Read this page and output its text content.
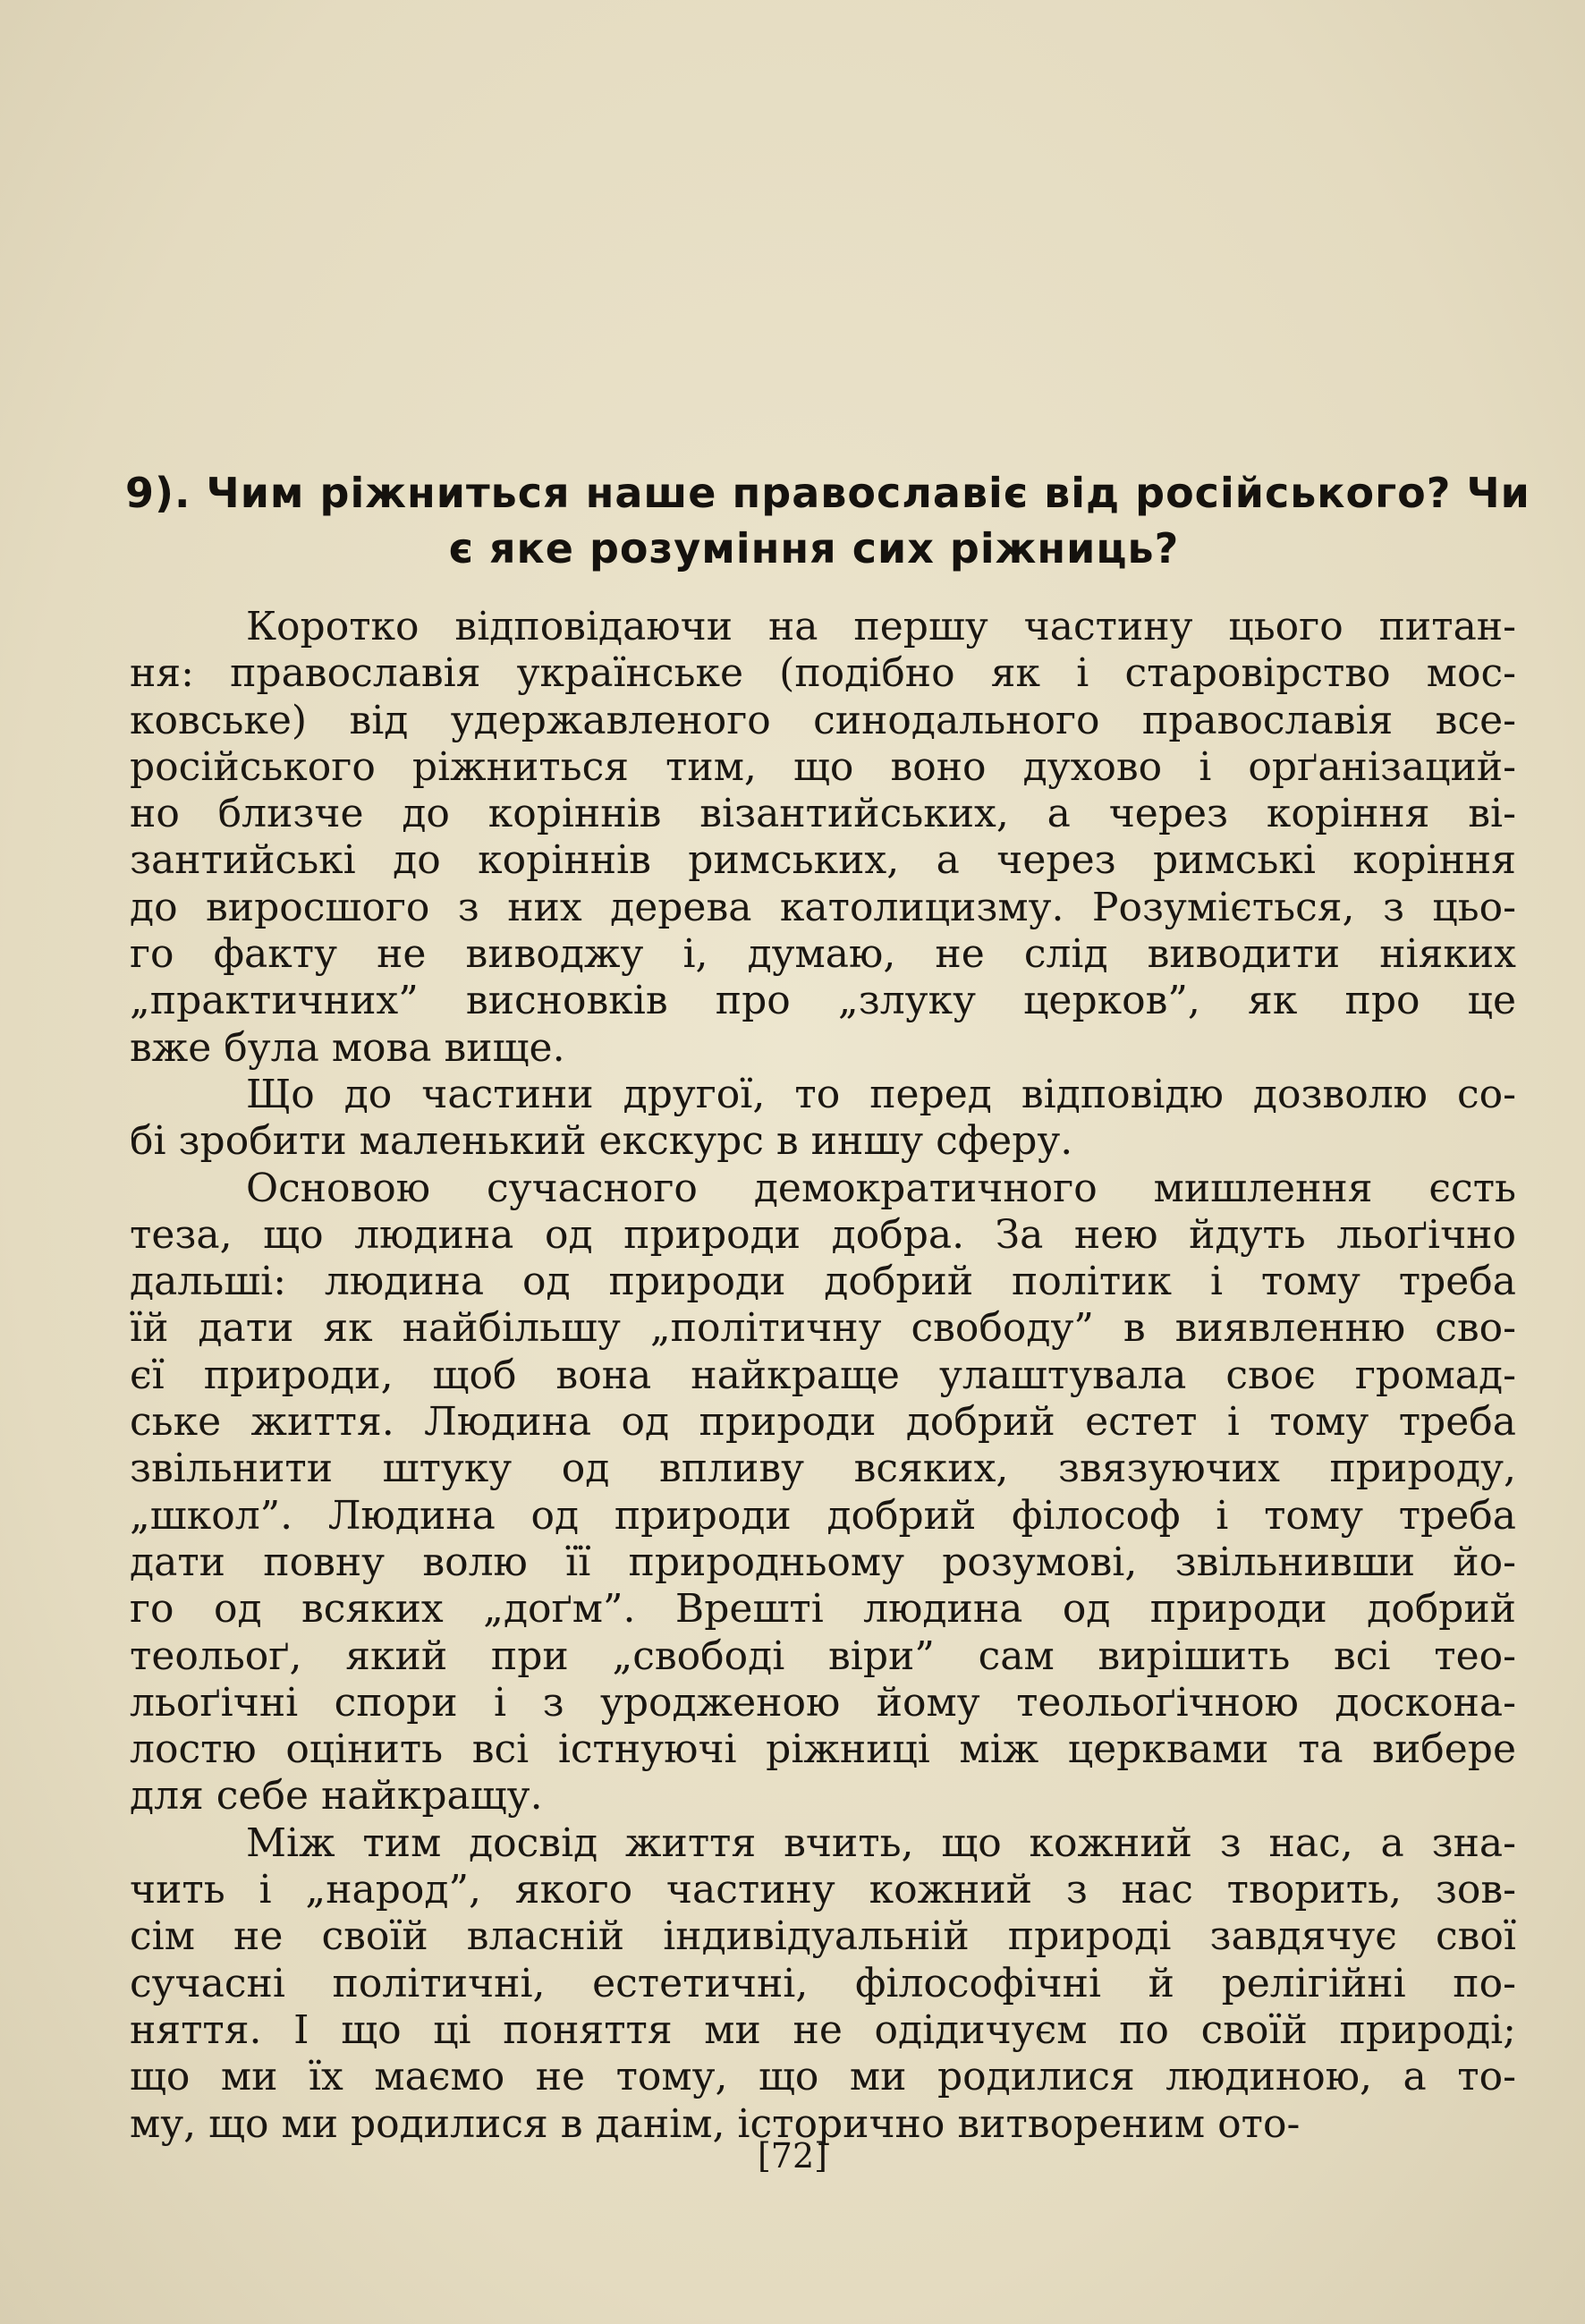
9). Чим ріжниться наше православіє від російського? Чи
є яке розуміння сих ріжниць?
Коротко відповідаючи на першу частину цього питан-
ня: православія українське (подібно як і старовірство мос-
ковське) від удержавленого синодального православія все-
російського ріжниться тим, що воно духово і орґанізаций-
но близче до коріннів візантийських, а через коріння ві-
зантийські до коріннів римських, а через римські коріння
до виросшого з них дерева католицизму. Розуміється, з цьо-
го факту не виводжу і, думаю, не слід виводити ніяких
„практичних” висновків про „злуку церков”, як про це
вже була мова вище.
Що до частини другої, то перед відповідю дозволю со-
бі зробити маленький екскурс в иншу сферу.
Основою сучасного демократичного мишлення єсть
теза, що людина од природи добра. За нею йдуть льоґічно
дальші: людина од природи добрий політик і тому треба
їй дати як найбільшу „політичну свободу” в виявленню сво-
єї природи, щоб вона найкраще улаштувала своє громад-
ське життя. Людина од природи добрий естет і тому треба
звільнити штуку од впливу всяких, звязуючих природу,
„школ”. Людина од природи добрий філософ і тому треба
дати повну волю її природньому розумові, звільнивши йо-
го од всяких „доґм”. Врешті людина од природи добрий
теольоґ, який при „свободі віри” сам вирішить всі тео-
льоґічні спори і з уродженою йому теольоґічною доскона-
лостю оцінить всі істнуючі ріжниці між церквами та вибере
для себе найкращу.
Між тим досвід життя вчить, що кожний з нас, а зна-
чить і „народ”, якого частину кожний з нас творить, зов-
сім не своїй власній індивідуальній природі завдячує свої
сучасні політичні, естетичні, філософічні й релігійні по-
няття. І що ці поняття ми не одідичуєм по своїй природі;
що ми їх маємо не тому, що ми родилися людиною, а то-
му, що ми родилися в данім, історично витвореним ото-
[72]
